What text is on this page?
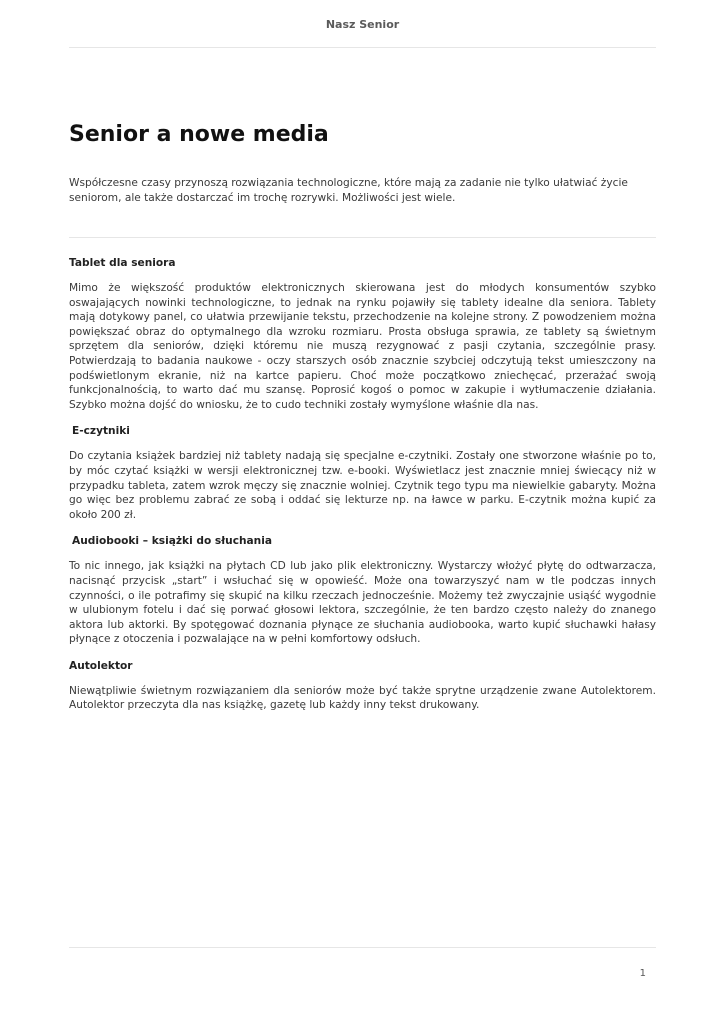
Nasz Senior
Senior a nowe media

Współczesne czasy przynoszą rozwiązania technologiczne, które mają za zadanie nie tylko ułatwiać życie seniorom, ale także dostarczać im trochę rozrywki. Możliwości jest wiele.

Tablet dla seniora

Mimo że większość produktów elektronicznych skierowana jest do młodych konsumentów szybko oswajających nowinki technologiczne, to jednak na rynku pojawiły się tablety idealne dla seniora. Tablety mają dotykowy panel, co ułatwia przewijanie tekstu, przechodzenie na kolejne strony. Z powodzeniem można powiększać obraz do optymalnego dla wzroku rozmiaru. Prosta obsługa sprawia, ze tablety są świetnym sprzętem dla seniorów, dzięki któremu nie muszą rezygnować z pasji czytania, szczególnie prasy. Potwierdzają to badania naukowe - oczy starszych osób znacznie szybciej odczytują tekst umieszczony na podświetlonym ekranie, niż na kartce papieru. Choć może początkowo zniechęcać, przerażać swoją funkcjonalnością, to warto dać mu szansę. Poprosić kogoś o pomoc w zakupie i wytłumaczenie działania. Szybko można dojść do wniosku, że to cudo techniki zostały wymyślone właśnie dla nas.

E-czytniki

Do czytania książek bardziej niż tablety nadają się specjalne e-czytniki. Zostały one stworzone właśnie po to, by móc czytać książki w wersji elektronicznej tzw. e-booki. Wyświetlacz jest znacznie mniej świecący niż w przypadku tableta, zatem wzrok męczy się znacznie wolniej. Czytnik tego typu ma niewielkie gabaryty. Można go więc bez problemu zabrać ze sobą i oddać się lekturze np. na ławce w parku. E-czytnik można kupić za około 200 zł.

Audiobooki – książki do słuchania

To nic innego, jak książki na płytach CD lub jako plik elektroniczny. Wystarczy włożyć płytę do odtwarzacza, nacisnąć przycisk „start” i wsłuchać się w opowieść. Może ona towarzyszyć nam w tle podczas innych czynności, o ile potrafimy się skupić na kilku rzeczach jednocześnie. Możemy też zwyczajnie usiąść wygodnie w ulubionym fotelu i dać się porwać głosowi lektora, szczególnie, że ten bardzo często należy do znanego aktora lub aktorki. By spotęgować doznania płynące ze słuchania audiobooka, warto kupić słuchawki hałasy płynące z otoczenia i pozwalające na w pełni komfortowy odsłuch.

Autolektor

Niewątpliwie świetnym rozwiązaniem dla seniorów może być także sprytne urządzenie zwane Autolektorem. Autolektor przeczyta dla nas książkę, gazetę lub każdy inny tekst drukowany.

1
